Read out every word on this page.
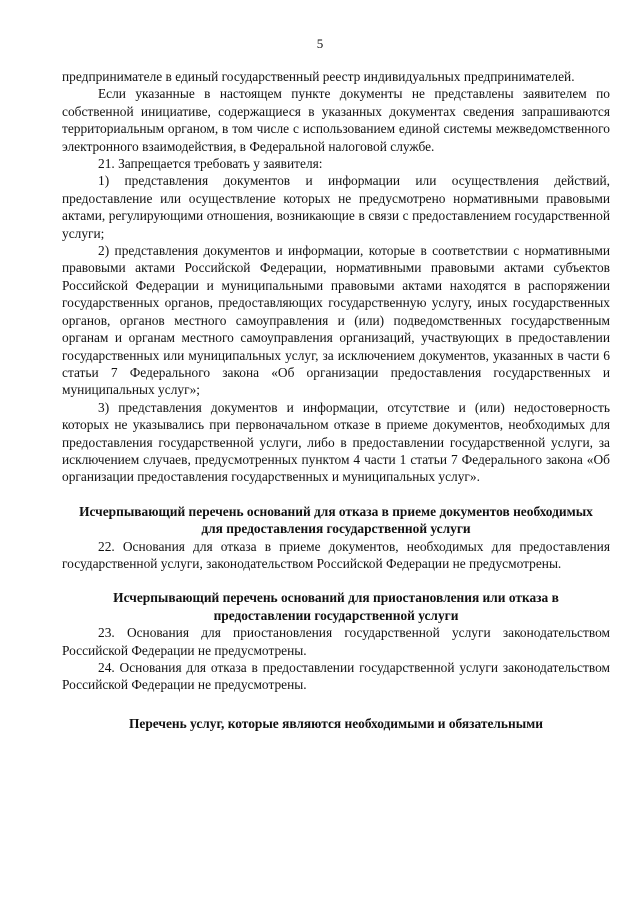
5

предпринимателе в единый государственный реестр индивидуальных предпринимателей.

Если указанные в настоящем пункте документы не представлены заявителем по собственной инициативе, содержащиеся в указанных документах сведения запрашиваются территориальным органом, в том числе с использованием единой системы межведомственного электронного взаимодействия, в Федеральной налоговой службе.

21. Запрещается требовать у заявителя:

1) представления документов и информации или осуществления действий, предоставление или осуществление которых не предусмотрено нормативными правовыми актами, регулирующими отношения, возникающие в связи с предоставлением государственной услуги;

2) представления документов и информации, которые в соответствии с нормативными правовыми актами Российской Федерации, нормативными правовыми актами субъектов Российской Федерации и муниципальными правовыми актами находятся в распоряжении государственных органов, предоставляющих государственную услугу, иных государственных органов, органов местного самоуправления и (или) подведомственных государственным органам и органам местного самоуправления организаций, участвующих в предоставлении государственных или муниципальных услуг, за исключением документов, указанных в части 6 статьи 7 Федерального закона «Об организации предоставления государственных и муниципальных услуг»;

3) представления документов и информации, отсутствие и (или) недостоверность которых не указывались при первоначальном отказе в приеме документов, необходимых для предоставления государственной услуги, либо в предоставлении государственной услуги, за исключением случаев, предусмотренных пунктом 4 части 1 статьи 7 Федерального закона «Об организации предоставления государственных и муниципальных услуг».

Исчерпывающий перечень оснований для отказа в приеме документов необходимых для предоставления государственной услуги

22. Основания для отказа в приеме документов, необходимых для предоставления государственной услуги, законодательством Российской Федерации не предусмотрены.

Исчерпывающий перечень оснований для приостановления или отказа в предоставлении государственной услуги

23. Основания для приостановления государственной услуги законодательством Российской Федерации не предусмотрены.

24. Основания для отказа в предоставлении государственной услуги законодательством Российской Федерации не предусмотрены.

Перечень услуг, которые являются необходимыми и обязательными
